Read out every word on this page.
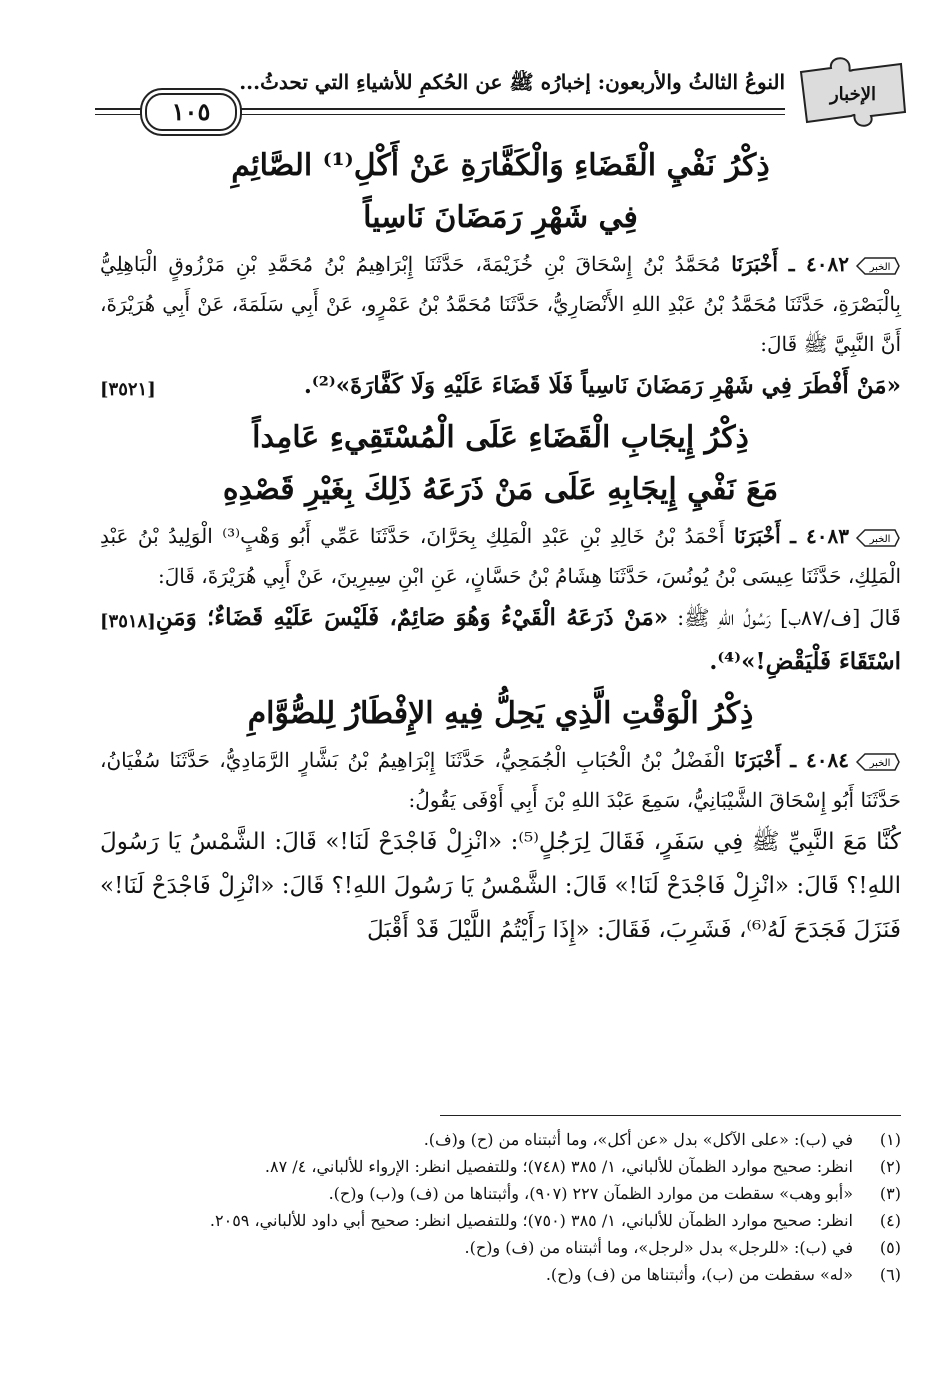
الإخبار
النوعُ الثالثُ والأربعون: إخبارُه ﷺ عن الحُكمِ للأشياءِ التي تحدثُ...
١٠٥

ذِكْرُ نَفْيِ الْقَضَاءِ وَالْكَفَّارَةِ عَنْ أَكْلِ⁽¹⁾ الصَّائِمِ

فِي شَهْرِ رَمَضَانَ نَاسِياً

الخبر
٤٠٨٢ ـ أَخْبَرَنَا مُحَمَّدُ بْنُ إِسْحَاقَ بْنِ خُزَيْمَةَ، حَدَّثَنَا إِبْرَاهِيمُ بْنُ مُحَمَّدِ بْنِ مَرْزُوقٍ الْبَاهِلِيُّ بِالْبَصْرَةِ، حَدَّثَنَا مُحَمَّدُ بْنُ عَبْدِ اللهِ الأَنْصَارِيُّ، حَدَّثَنَا مُحَمَّدُ بْنُ عَمْرٍو، عَنْ أَبِي سَلَمَةَ، عَنْ أَبِي هُرَيْرَةَ، أَنَّ النَّبِيَّ ﷺ قَالَ:

[٣٥٢١]	«مَنْ أَفْطَرَ فِي شَهْرِ رَمَضَانَ نَاسِياً فَلَا قَضَاءَ عَلَيْهِ وَلَا كَفَّارَةَ»⁽²⁾.

ذِكْرُ إِيجَابِ الْقَضَاءِ عَلَى الْمُسْتَقِيءِ عَامِداً

مَعَ نَفْيِ إِيجَابِهِ عَلَى مَنْ ذَرَعَهُ ذَلِكَ بِغَيْرِ قَصْدِهِ

الخبر
٤٠٨٣ ـ أَخْبَرَنَا أَحْمَدُ بْنُ خَالِدِ بْنِ عَبْدِ الْمَلِكِ بِحَرَّانَ، حَدَّثَنَا عَمِّي أَبُو وَهْبٍ⁽³⁾ الْوَلِيدُ بْنُ عَبْدِ الْمَلِكِ، حَدَّثَنَا عِيسَى بْنُ يُونُسَ، حَدَّثَنَا هِشَامُ بْنُ حَسَّانٍ، عَنِ ابْنِ سِيرِينَ، عَنْ أَبِي هُرَيْرَةَ، قَالَ:

[٣٥١٨]	قَالَ [ف/٨٧ب] رَسُولُ اللهِ ﷺ: «مَنْ ذَرَعَهُ الْقَيْءُ وَهُوَ صَائِمٌ، فَلَيْسَ عَلَيْهِ قَضَاءٌ؛ وَمَنِ اسْتَقَاءَ فَلْيَقْضِ!»⁽⁴⁾.

ذِكْرُ الْوَقْتِ الَّذِي يَحِلُّ فِيهِ الإِفْطَارُ لِلصُّوَّامِ

الخبر
٤٠٨٤ ـ أَخْبَرَنَا الْفَضْلُ بْنُ الْحُبَابِ الْجُمَحِيُّ، حَدَّثَنَا إِبْرَاهِيمُ بْنُ بَشَّارٍ الرَّمَادِيُّ، حَدَّثَنَا سُفْيَانُ، حَدَّثَنَا أَبُو إِسْحَاقَ الشَّيْبَانِيُّ، سَمِعَ عَبْدَ اللهِ بْنَ أَبِي أَوْفَى يَقُولُ:

كُنَّا مَعَ النَّبِيِّ ﷺ فِي سَفَرٍ، فَقَالَ لِرَجُلٍ⁽⁵⁾: «انْزِلْ فَاجْدَحْ لَنَا!» قَالَ: الشَّمْسُ يَا رَسُولَ اللهِ!؟ قَالَ: «انْزِلْ فَاجْدَحْ لَنَا!» قَالَ: الشَّمْسُ يَا رَسُولَ اللهِ!؟ قَالَ: «انْزِلْ فَاجْدَحْ لَنَا!» فَنَزَلَ فَجَدَحَ لَهُ⁽⁶⁾، فَشَرِبَ، فَقَالَ: «إِذَا رَأَيْتُمُ اللَّيْلَ قَدْ أَقْبَلَ

(١)
في (ب): «على الآكل» بدل «عن أكل»، وما أثبتناه من (ح) و(ف).

(٢)
انظر: صحيح موارد الظمآن للألباني، ١/ ٣٨٥ (٧٤٨)؛ وللتفصيل انظر: الإرواء للألباني، ٤/ ٨٧.

(٣)
«أبو وهب» سقطت من موارد الظمآن ٢٢٧ (٩٠٧)، وأثبتناها من (ف) و(ب) و(ح).

(٤)
انظر: صحيح موارد الظمآن للألباني، ١/ ٣٨٥ (٧٥٠)؛ وللتفصيل انظر: صحيح أبي داود للألباني، ٢٠٥٩.

(٥)
في (ب): «للرجل» بدل «لرجل»، وما أثبتناه من (ف) و(ح).

(٦)
«له» سقطت من (ب)، وأثبتناها من (ف) و(ح).
